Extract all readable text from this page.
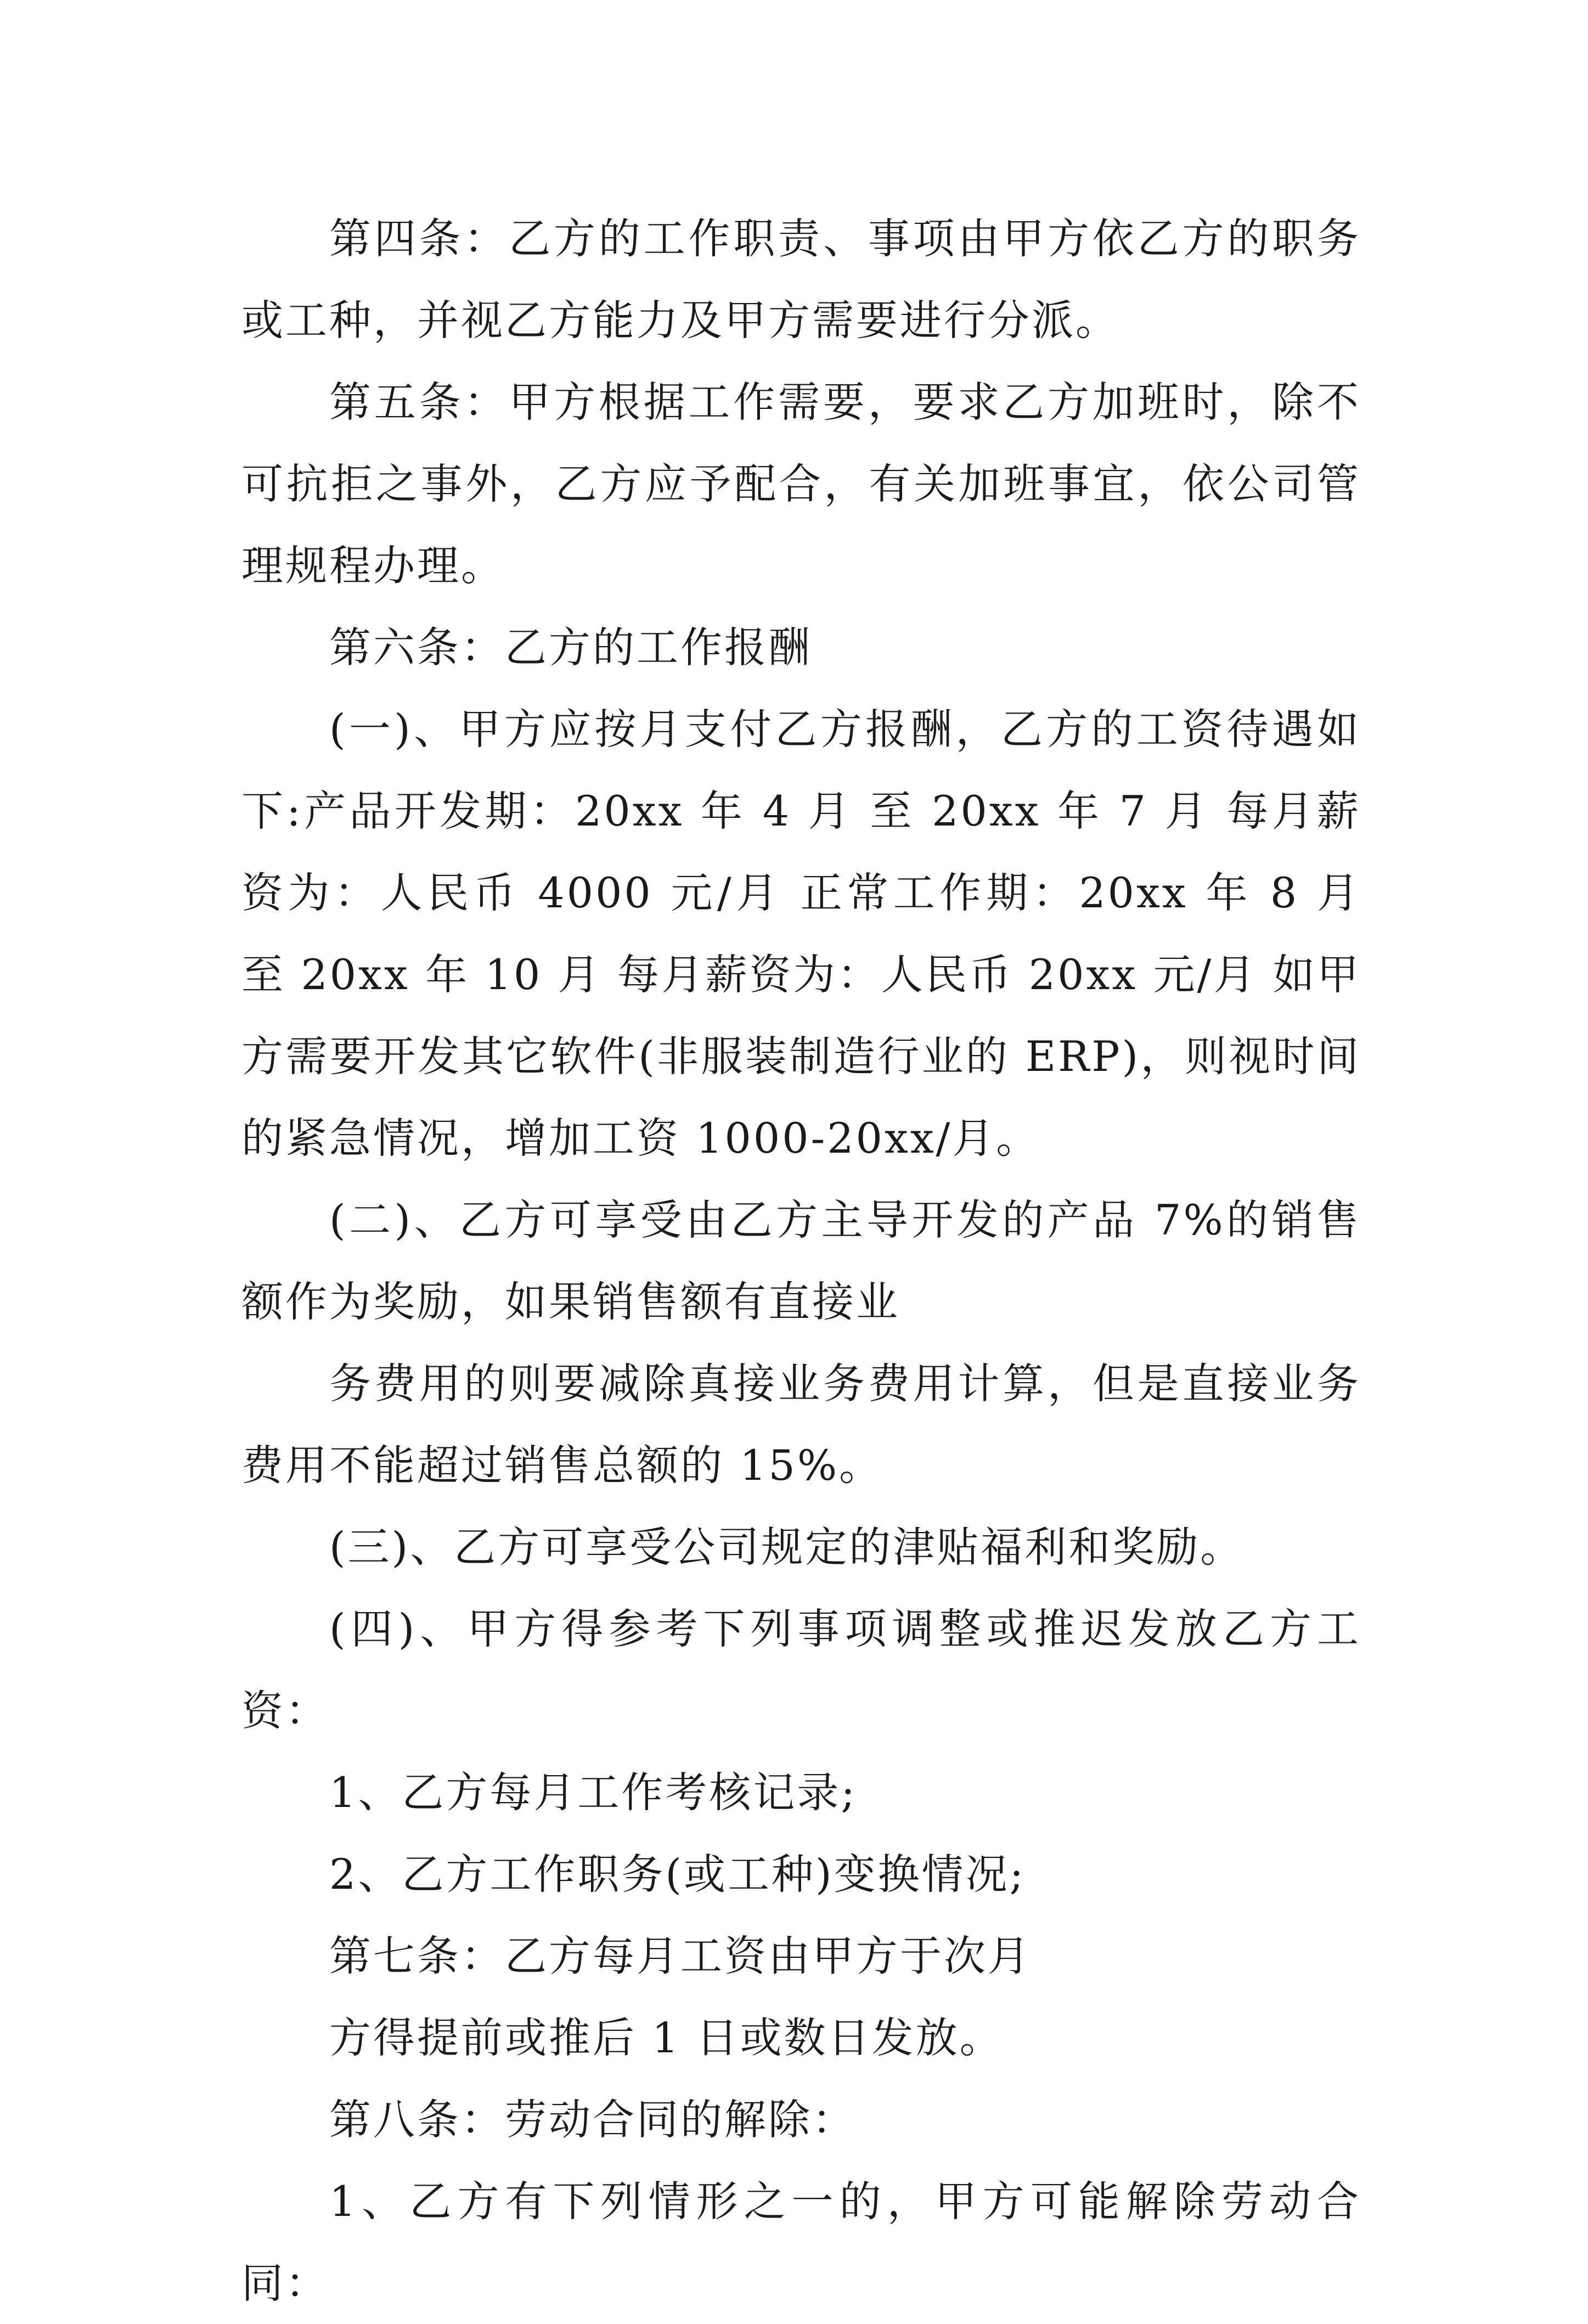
第四条：乙方的工作职责、事项由甲方依乙方的职务或工种，并视乙方能力及甲方需要进行分派。

第五条：甲方根据工作需要，要求乙方加班时，除不可抗拒之事外，乙方应予配合，有关加班事宜，依公司管理规程办理。

第六条：乙方的工作报酬

(一)、甲方应按月支付乙方报酬，乙方的工资待遇如下:产品开发期：20xx 年 4 月 至 20xx 年 7 月 每月薪资为：人民币 4000 元/月 正常工作期：20xx 年 8 月 至 20xx 年 10 月 每月薪资为：人民币 20xx 元/月 如甲方需要开发其它软件(非服装制造行业的 ERP)，则视时间的紧急情况，增加工资 1000-20xx/月。

(二)、乙方可享受由乙方主导开发的产品 7%的销售额作为奖励，如果销售额有直接业

务费用的则要减除真接业务费用计算，但是直接业务费用不能超过销售总额的 15%。

(三)、乙方可享受公司规定的津贴福利和奖励。

(四)、甲方得参考下列事项调整或推迟发放乙方工资：

1、乙方每月工作考核记录;

2、乙方工作职务(或工种)变换情况;

第七条：乙方每月工资由甲方于次月

方得提前或推后 1 日或数日发放。

第八条：劳动合同的解除：

1、乙方有下列情形之一的，甲方可能解除劳动合同：
